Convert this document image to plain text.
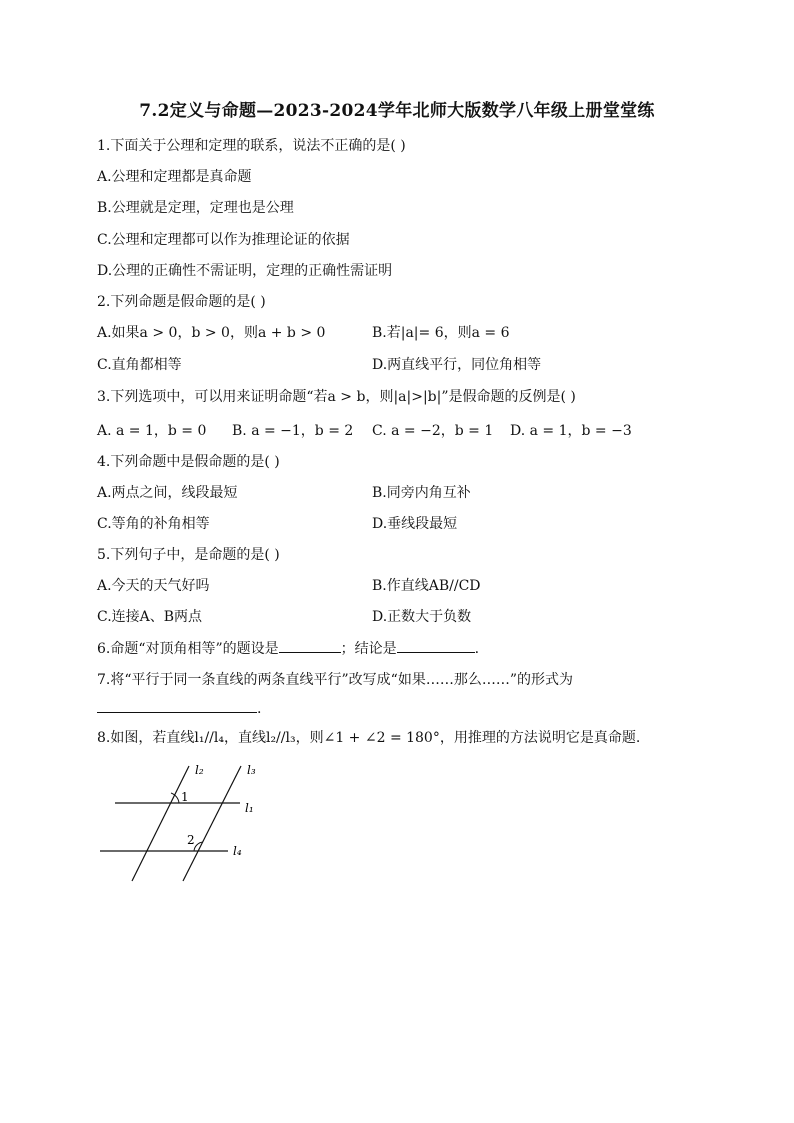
7.2定义与命题—2023-2024学年北师大版数学八年级上册堂堂练
1.下面关于公理和定理的联系，说法不正确的是( )
A.公理和定理都是真命题
B.公理就是定理，定理也是公理
C.公理和定理都可以作为推理论证的依据
D.公理的正确性不需证明，定理的正确性需证明
2.下列命题是假命题的是( )
A.如果a > 0，b > 0，则a + b > 0	B.若|a|= 6，则a = 6
C.直角都相等	D.两直线平行，同位角相等
3.下列选项中，可以用来证明命题“若a > b，则|a|>|b|”是假命题的反例是( )
A. a = 1，b = 0 B. a = −1，b = 2 C. a = −2，b = 1 D. a = 1，b = −3
4.下列命题中是假命题的是( )
A.两点之间，线段最短	B.同旁内角互补
C.等角的补角相等	D.垂线段最短
5.下列句子中，是命题的是( )
A.今天的天气好吗	B.作直线AB//CD
C.连接A、B两点	D.正数大于负数
6.命题“对顶角相等”的题设是	；结论是	.
7.将“平行于同一条直线的两条直线平行”改写成“如果……那么……”的形式为
.
8.如图，若直线l₁//l₄，直线l₂//l₃，则∠1 + ∠2 = 180°，用推理的方法说明它是真命题.
l₂	l₃
l₁
l₄
1
2
